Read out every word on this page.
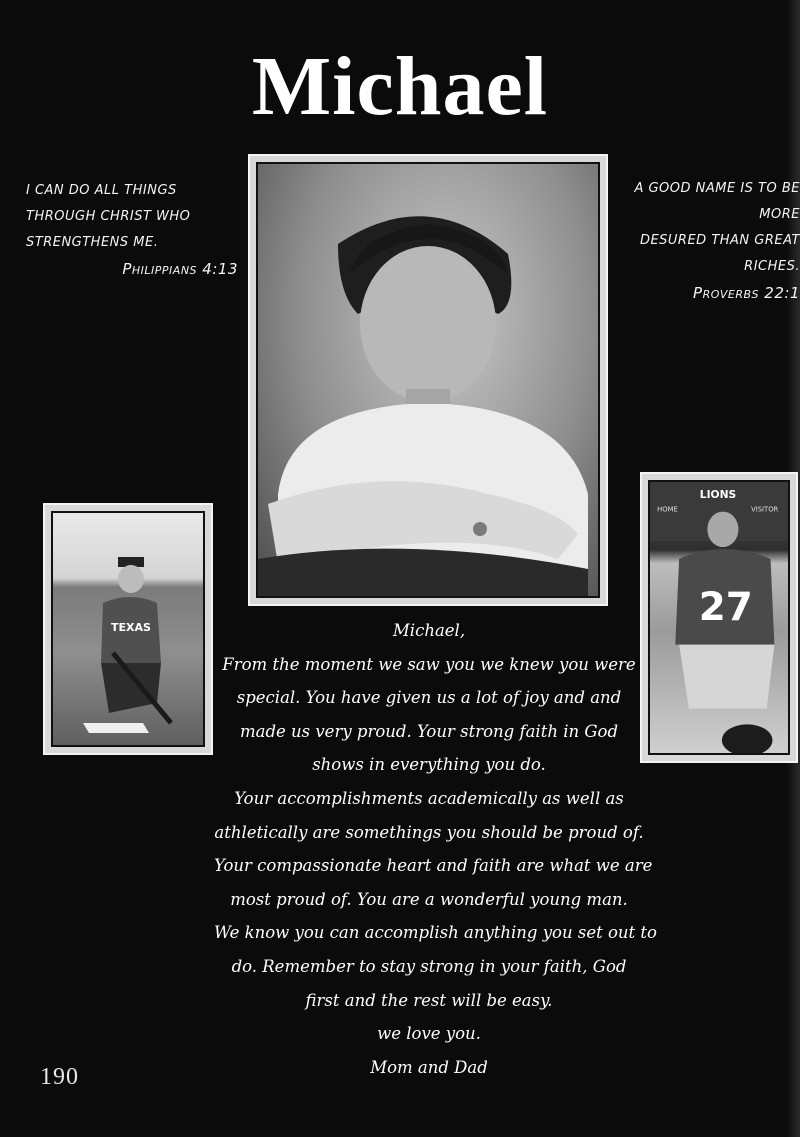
Michael
I CAN DO ALL THINGS
THROUGH CHRIST WHO
STRENGTHENS ME.
Philippians 4:13
A GOOD NAME IS TO BE MORE
DESURED THAN GREAT
RICHES.
Proverbs 22:1
TEXAS
LIONS
HOME	VISITOR
27
Michael,
From the moment we saw you we knew you were
special. You have given us a lot of joy and and
made us very proud. Your strong faith in God
shows in everything you do.
Your accomplishments academically as well as
athletically are somethings you should be proud of.
Your compassionate heart and faith are what we are
most proud of. You are a wonderful young man.
We know you can accomplish anything you set out to
do. Remember to stay strong in your faith, God
first and the rest will be easy.
we love you.
Mom and Dad
190
